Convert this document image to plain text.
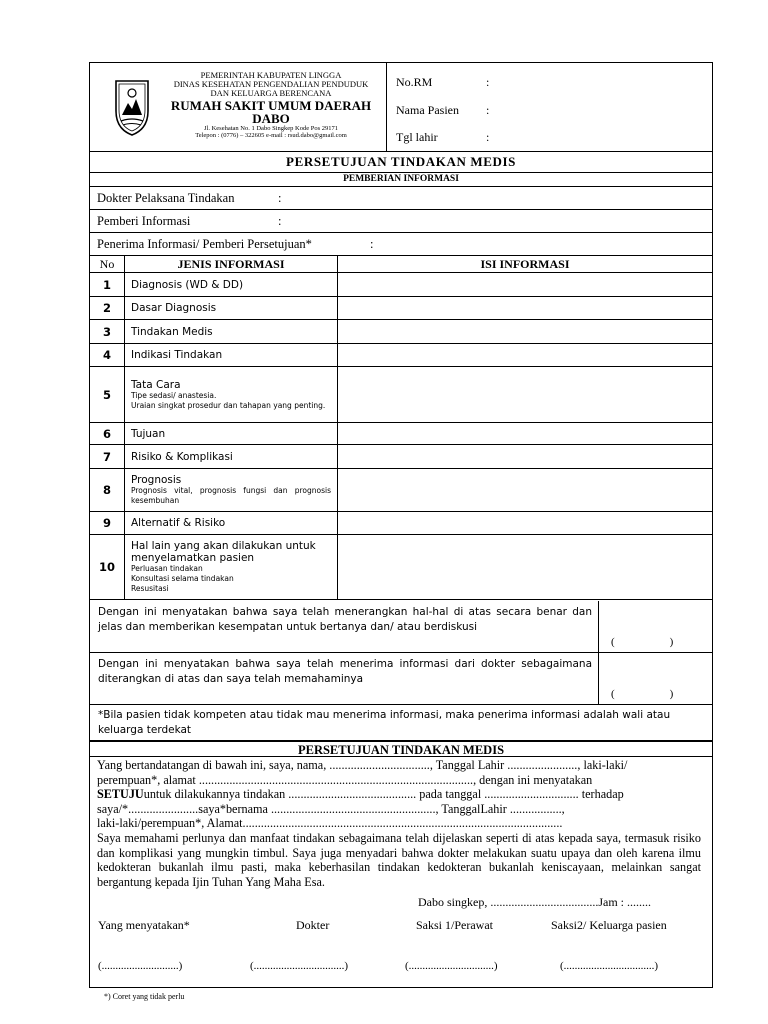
PEMERINTAH KABUPATEN LINGGA
DINAS KESEHATAN PENGENDALIAN PENDUDUK
DAN KELUARGA BERENCANA
RUMAH SAKIT UMUM DAERAH DABO
Jl. Kesehatan No. 1 Dabo Singkep Kode Pos 29171
Telepon : (0776) – 322605 e-mail : rsud.dabo@gmail.com
No.RM	:
Nama Pasien :
Tgl lahir	:
PERSETUJUAN TINDAKAN MEDIS
PEMBERIAN INFORMASI
Dokter Pelaksana Tindakan	:
Pemberi Informasi	:
Penerima Informasi/ Pemberi Persetujuan*	:
No	JENIS INFORMASI	ISI INFORMASI
1	Diagnosis (WD & DD)	
2	Dasar Diagnosis	
3	Tindakan Medis	
4	Indikasi Tindakan	
5	Tata Cara
Tipe sedasi/ anastesia.
Uraian singkat prosedur dan tahapan yang penting.	

6	Tujuan	
7	Risiko & Komplikasi	
8	Prognosis
Prognosis vital, prognosis fungsi dan prognosis kesembuhan	

9	Alternatif & Risiko	
10	Hal lain yang akan dilakukan untuk menyelamatkan pasien
Perluasan tindakan
Konsultasi selama tindakan
Resusitasi	

Dengan ini menyatakan bahwa saya telah menerangkan hal-hal di atas secara benar dan jelas dan memberikan kesempatan untuk bertanya dan/ atau berdiskusi
(                    )
Dengan ini menyatakan bahwa saya telah menerima informasi dari dokter sebagaimana diterangkan di atas dan saya telah memahaminya
(                    )
*Bila pasien tidak kompeten atau tidak mau menerima informasi, maka penerima informasi adalah wali atau keluarga terdekat
PERSETUJUAN TINDAKAN MEDIS
Yang bertandatangan di bawah ini, saya, nama, ................................., Tanggal Lahir ......................., laki-laki/
perempuan*, alamat .........................................................................................., dengan ini menyatakan
SETUJUuntuk dilakukannya tindakan .......................................... pada tanggal ............................... terhadap
saya/*.......................saya*bernama ......................................................, TanggalLahir .................,
laki-laki/perempuan*, Alamat.........................................................................................................
Saya memahami perlunya dan manfaat tindakan sebagaimana telah dijelaskan seperti di atas kepada saya, termasuk risiko dan komplikasi yang mungkin timbul. Saya juga menyadari bahwa dokter melakukan suatu upaya dan oleh karena ilmu kedokteran bukanlah ilmu pasti, maka keberhasilan tindakan kedokteran bukanlah keniscayaan, melainkan sangat bergantung kepada Ijin Tuhan Yang Maha Esa.
Dabo singkep, ....................................Jam : ........
Yang menyatakan*	Dokter	Saksi 1/Perawat	Saksi2/ Keluarga pasien
(............................)	(.................................)	(...............................)	(.................................)
*) Coret yang tidak perlu
